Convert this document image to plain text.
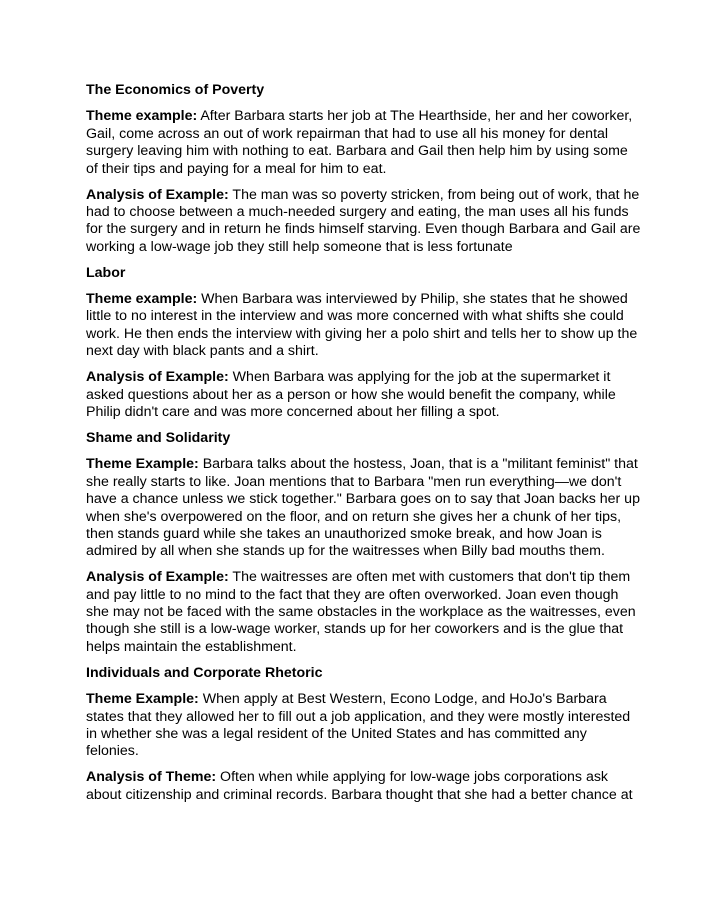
The Economics of Poverty

Theme example: After Barbara starts her job at The Hearthside, her and her coworker, Gail, come across an out of work repairman that had to use all his money for dental surgery leaving him with nothing to eat. Barbara and Gail then help him by using some of their tips and paying for a meal for him to eat.

Analysis of Example: The man was so poverty stricken, from being out of work, that he had to choose between a much-needed surgery and eating, the man uses all his funds for the surgery and in return he finds himself starving. Even though Barbara and Gail are working a low-wage job they still help someone that is less fortunate

Labor

Theme example: When Barbara was interviewed by Philip, she states that he showed little to no interest in the interview and was more concerned with what shifts she could work. He then ends the interview with giving her a polo shirt and tells her to show up the next day with black pants and a shirt.

Analysis of Example: When Barbara was applying for the job at the supermarket it asked questions about her as a person or how she would benefit the company, while Philip didn't care and was more concerned about her filling a spot.

Shame and Solidarity

Theme Example: Barbara talks about the hostess, Joan, that is a "militant feminist" that she really starts to like. Joan mentions that to Barbara "men run everything—we don't have a chance unless we stick together." Barbara goes on to say that Joan backs her up when she's overpowered on the floor, and on return she gives her a chunk of her tips, then stands guard while she takes an unauthorized smoke break, and how Joan is admired by all when she stands up for the waitresses when Billy bad mouths them.

Analysis of Example: The waitresses are often met with customers that don't tip them and pay little to no mind to the fact that they are often overworked. Joan even though she may not be faced with the same obstacles in the workplace as the waitresses, even though she still is a low-wage worker, stands up for her coworkers and is the glue that helps maintain the establishment.

Individuals and Corporate Rhetoric

Theme Example: When apply at Best Western, Econo Lodge, and HoJo's Barbara states that they allowed her to fill out a job application, and they were mostly interested in whether she was a legal resident of the United States and has committed any felonies.

Analysis of Theme: Often when while applying for low-wage jobs corporations ask about citizenship and criminal records. Barbara thought that she had a better chance at
